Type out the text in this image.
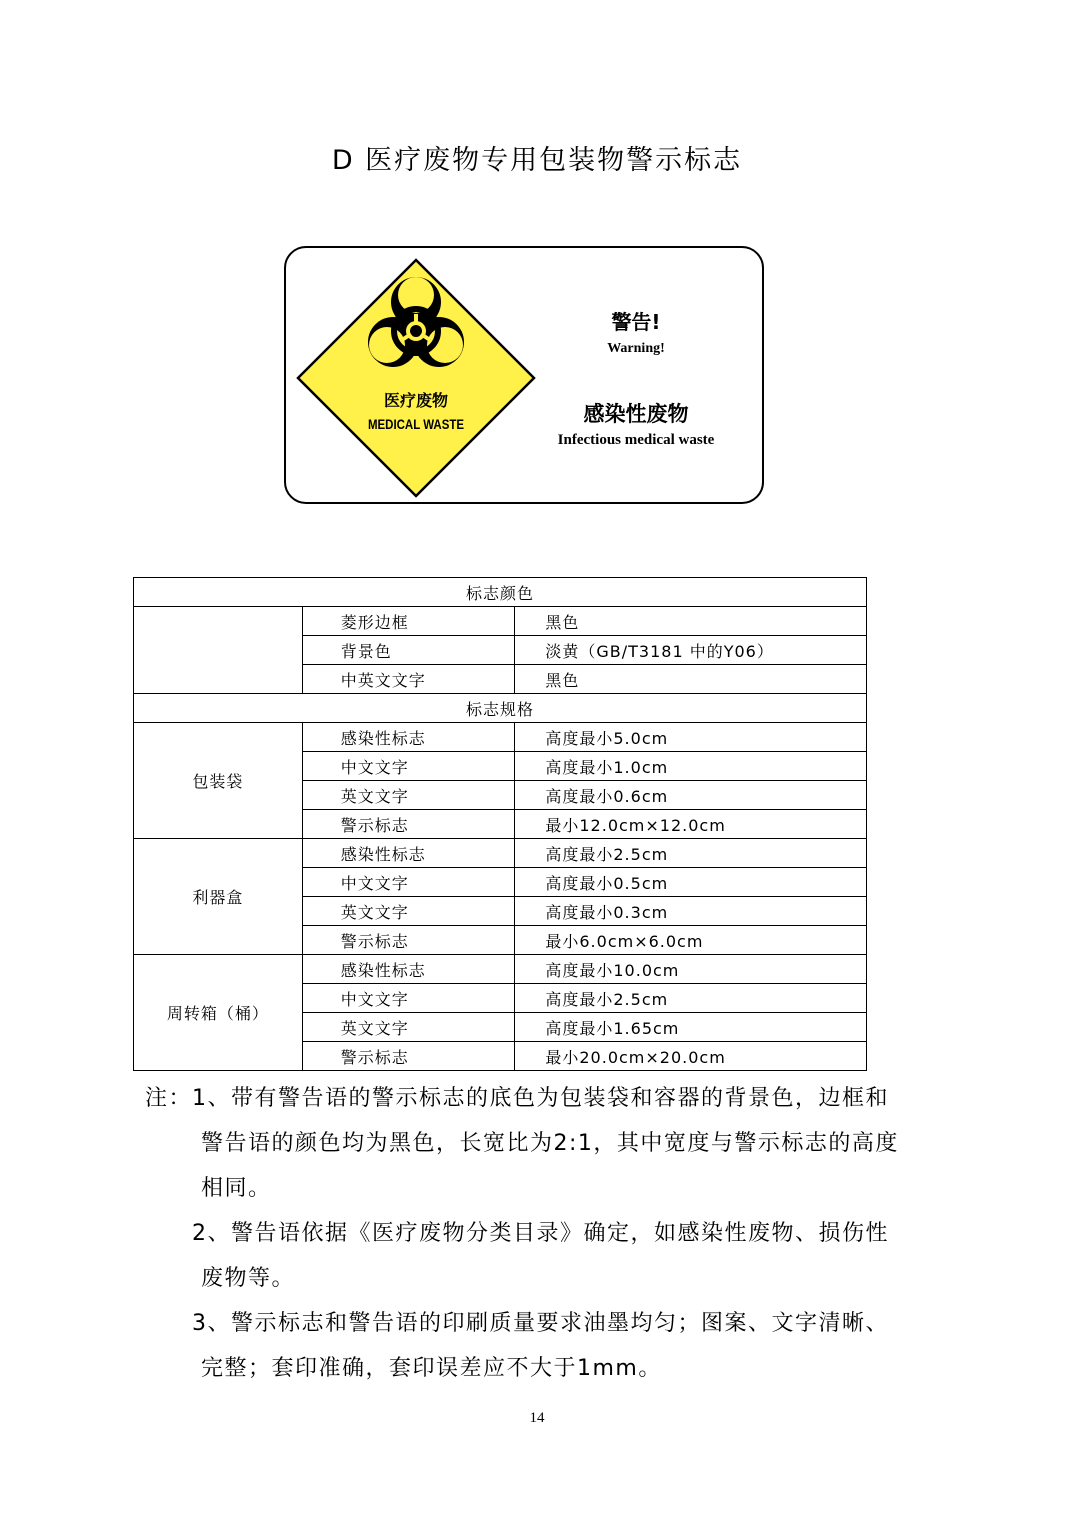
D 医疗废物专用包装物警示标志
医疗废物
MEDICAL WASTE
警告!
Warning!
感染性废物
Infectious medical waste
标志颜色		
	菱形边框	黑色
	背景色	淡黄（GB/T3181 中的Y06）
	中英文文字	黑色
标志规格		
包装袋	感染性标志	高度最小5.0cm
	中文文字	高度最小1.0cm
	英文文字	高度最小0.6cm
	警示标志	最小12.0cm×12.0cm
利器盒	感染性标志	高度最小2.5cm
	中文文字	高度最小0.5cm
	英文文字	高度最小0.3cm
	警示标志	最小6.0cm×6.0cm
周转箱（桶）	感染性标志	高度最小10.0cm
	中文文字	高度最小2.5cm
	英文文字	高度最小1.65cm
	警示标志	最小20.0cm×20.0cm
注：1、带有警告语的警示标志的底色为包装袋和容器的背景色，边框和
警告语的颜色均为黑色，长宽比为2:1，其中宽度与警示标志的高度
相同。
2、警告语依据《医疗废物分类目录》确定，如感染性废物、损伤性
废物等。
3、警示标志和警告语的印刷质量要求油墨均匀；图案、文字清晰、
完整；套印准确，套印误差应不大于1mm。
14
